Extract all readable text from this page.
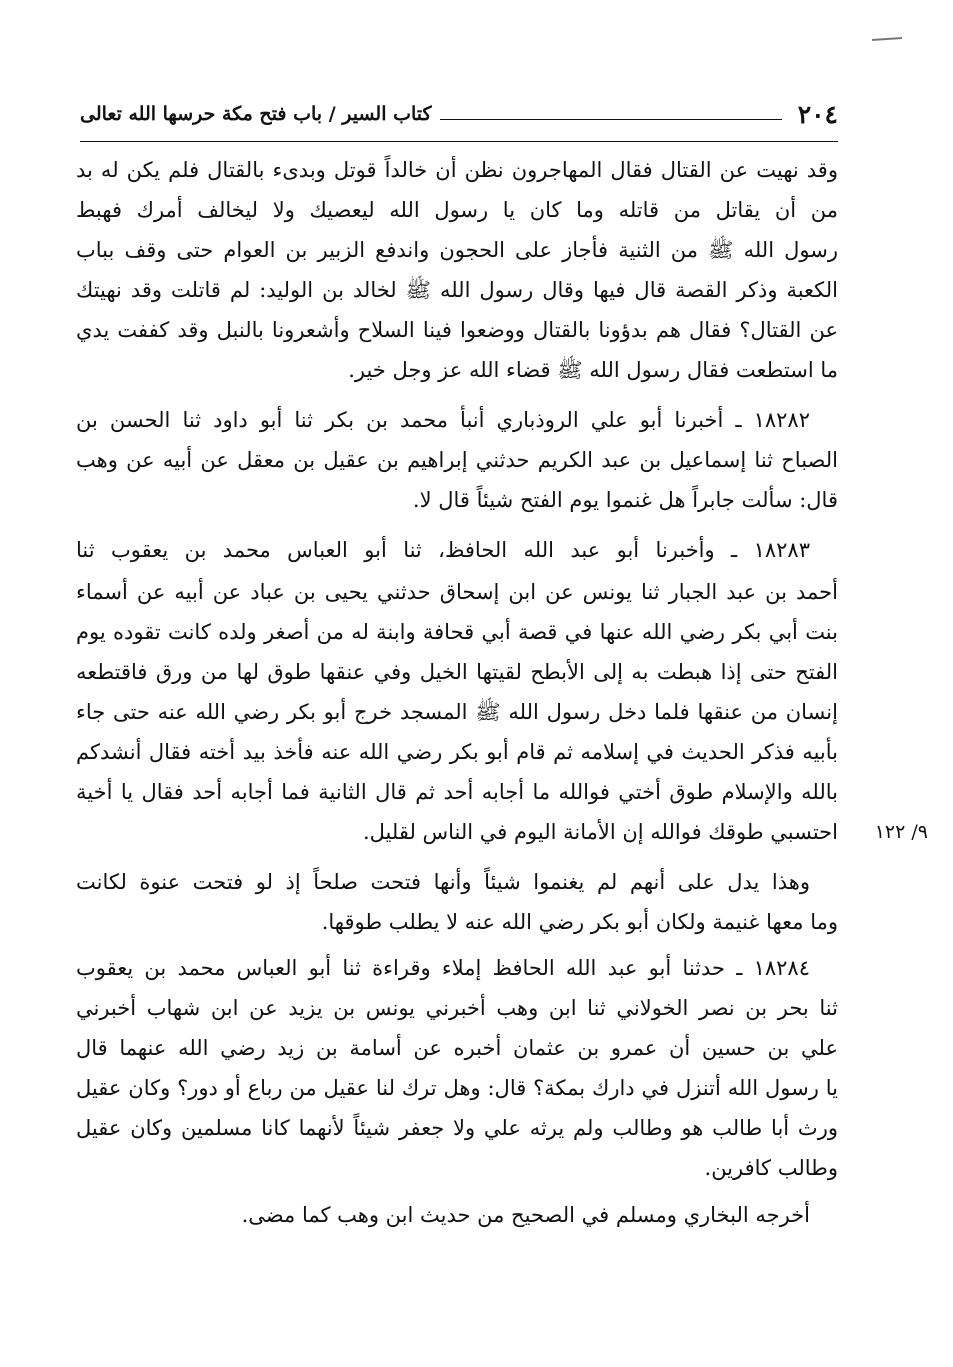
٢٠٤
كتاب السير / باب فتح مكة حرسها الله تعالى
وقد نهيت عن القتال فقال المهاجرون نظن أن خالداً قوتل وبدىء بالقتال فلم يكن له بد
من أن يقاتل من قاتله وما كان يا رسول الله ليعصيك ولا ليخالف أمرك فهبط
رسول الله ﷺ من الثنية فأجاز على الحجون واندفع الزبير بن العوام حتى وقف بباب
الكعبة وذكر القصة قال فيها وقال رسول الله ﷺ لخالد بن الوليد: لم قاتلت وقد نهيتك
عن القتال؟ فقال هم بدؤونا بالقتال ووضعوا فينا السلاح وأشعرونا بالنبل وقد كففت يدي
ما استطعت فقال رسول الله ﷺ قضاء الله عز وجل خير.
١٨٢٨٢ ـ أخبرنا أبو علي الروذباري أنبأ محمد بن بكر ثنا أبو داود ثنا الحسن بن
الصباح ثنا إسماعيل بن عبد الكريم حدثني إبراهيم بن عقيل بن معقل عن أبيه عن وهب
قال: سألت جابراً هل غنموا يوم الفتح شيئاً قال لا.
١٨٢٨٣ ـ وأخبرنا أبو عبد الله الحافظ، ثنا أبو العباس محمد بن يعقوب ثنا
أحمد بن عبد الجبار ثنا يونس عن ابن إسحاق حدثني يحيى بن عباد عن أبيه عن أسماء
بنت أبي بكر رضي الله عنها في قصة أبي قحافة وابنة له من أصغر ولده كانت تقوده يوم
الفتح حتى إذا هبطت به إلى الأبطح لقيتها الخيل وفي عنقها طوق لها من ورق فاقتطعه
إنسان من عنقها فلما دخل رسول الله ﷺ المسجد خرج أبو بكر رضي الله عنه حتى جاء
بأبيه فذكر الحديث في إسلامه ثم قام أبو بكر رضي الله عنه فأخذ بيد أخته فقال أنشدكم
بالله والإسلام طوق أختي فوالله ما أجابه أحد ثم قال الثانية فما أجابه أحد فقال يا أخية
احتسبي طوقك فوالله إن الأمانة اليوم في الناس لقليل.
وهذا يدل على أنهم لم يغنموا شيئاً وأنها فتحت صلحاً إذ لو فتحت عنوة لكانت
وما معها غنيمة ولكان أبو بكر رضي الله عنه لا يطلب طوقها.
١٨٢٨٤ ـ حدثنا أبو عبد الله الحافظ إملاء وقراءة ثنا أبو العباس محمد بن يعقوب
ثنا بحر بن نصر الخولاني ثنا ابن وهب أخبرني يونس بن يزيد عن ابن شهاب أخبرني
علي بن حسين أن عمرو بن عثمان أخبره عن أسامة بن زيد رضي الله عنهما قال
يا رسول الله أتنزل في دارك بمكة؟ قال: وهل ترك لنا عقيل من رباع أو دور؟ وكان عقيل
ورث أبا طالب هو وطالب ولم يرثه علي ولا جعفر شيئاً لأنهما كانا مسلمين وكان عقيل
وطالب كافرين.
أخرجه البخاري ومسلم في الصحيح من حديث ابن وهب كما مضى.
٩/ ١٢٢
